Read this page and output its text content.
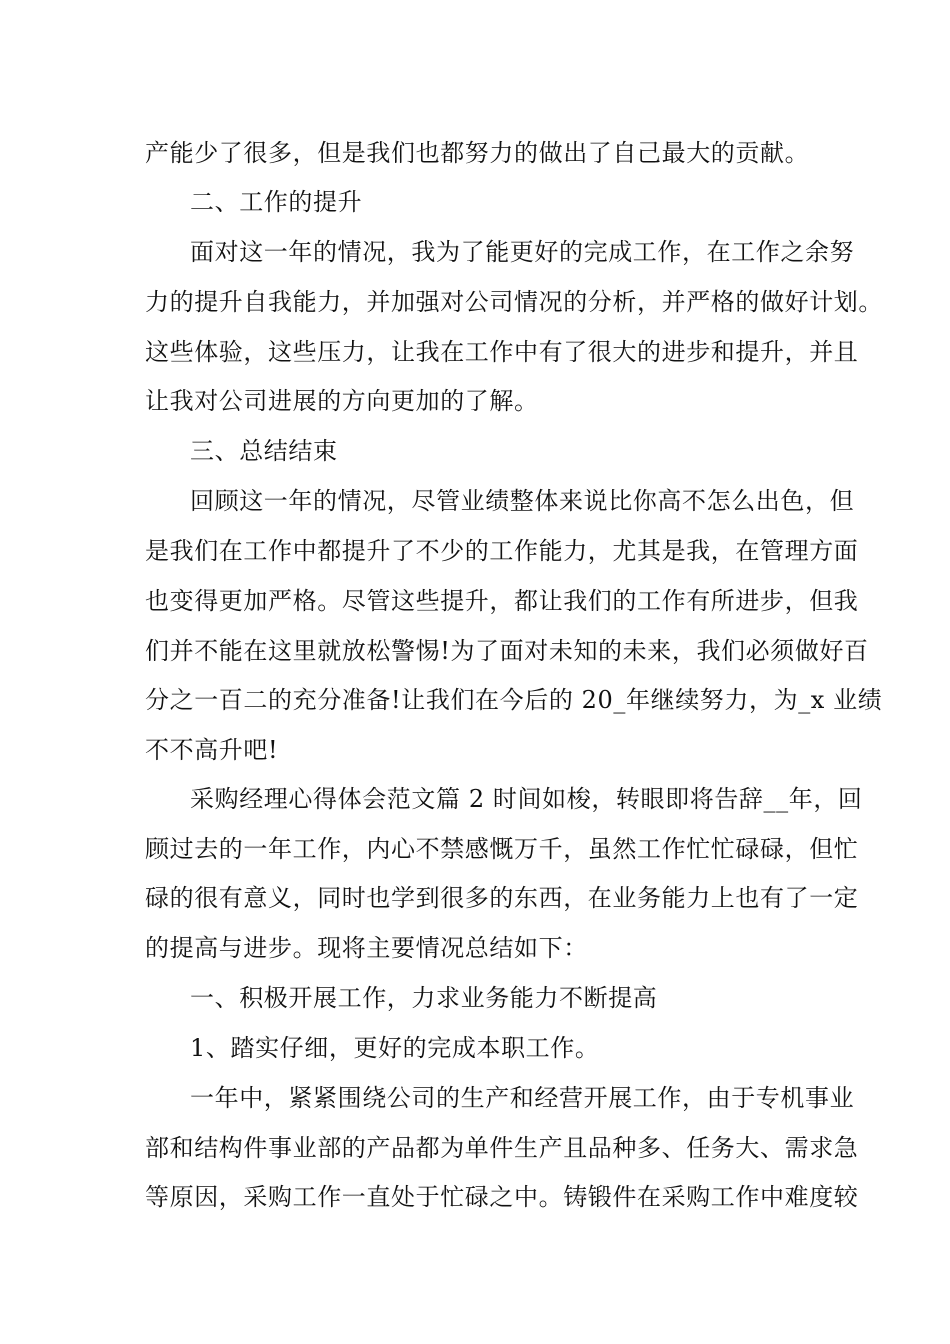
产能少了很多，但是我们也都努力的做出了自己最大的贡献。
二、工作的提升
面对这一年的情况，我为了能更好的完成工作，在工作之余努
力的提升自我能力，并加强对公司情况的分析，并严格的做好计划。
这些体验，这些压力，让我在工作中有了很大的进步和提升，并且
让我对公司进展的方向更加的了解。
三、总结结束
回顾这一年的情况，尽管业绩整体来说比你高不怎么出色，但
是我们在工作中都提升了不少的工作能力，尤其是我，在管理方面
也变得更加严格。尽管这些提升，都让我们的工作有所进步，但我
们并不能在这里就放松警惕!为了面对未知的未来，我们必须做好百
分之一百二的充分准备!让我们在今后的 20_年继续努力，为_x 业绩
不不高升吧!
采购经理心得体会范文篇 2 时间如梭，转眼即将告辞__年，回
顾过去的一年工作，内心不禁感慨万千，虽然工作忙忙碌碌，但忙
碌的很有意义，同时也学到很多的东西，在业务能力上也有了一定
的提高与进步。现将主要情况总结如下：
一、积极开展工作，力求业务能力不断提高
1、踏实仔细，更好的完成本职工作。
一年中，紧紧围绕公司的生产和经营开展工作，由于专机事业
部和结构件事业部的产品都为单件生产且品种多、任务大、需求急
等原因，采购工作一直处于忙碌之中。铸锻件在采购工作中难度较
